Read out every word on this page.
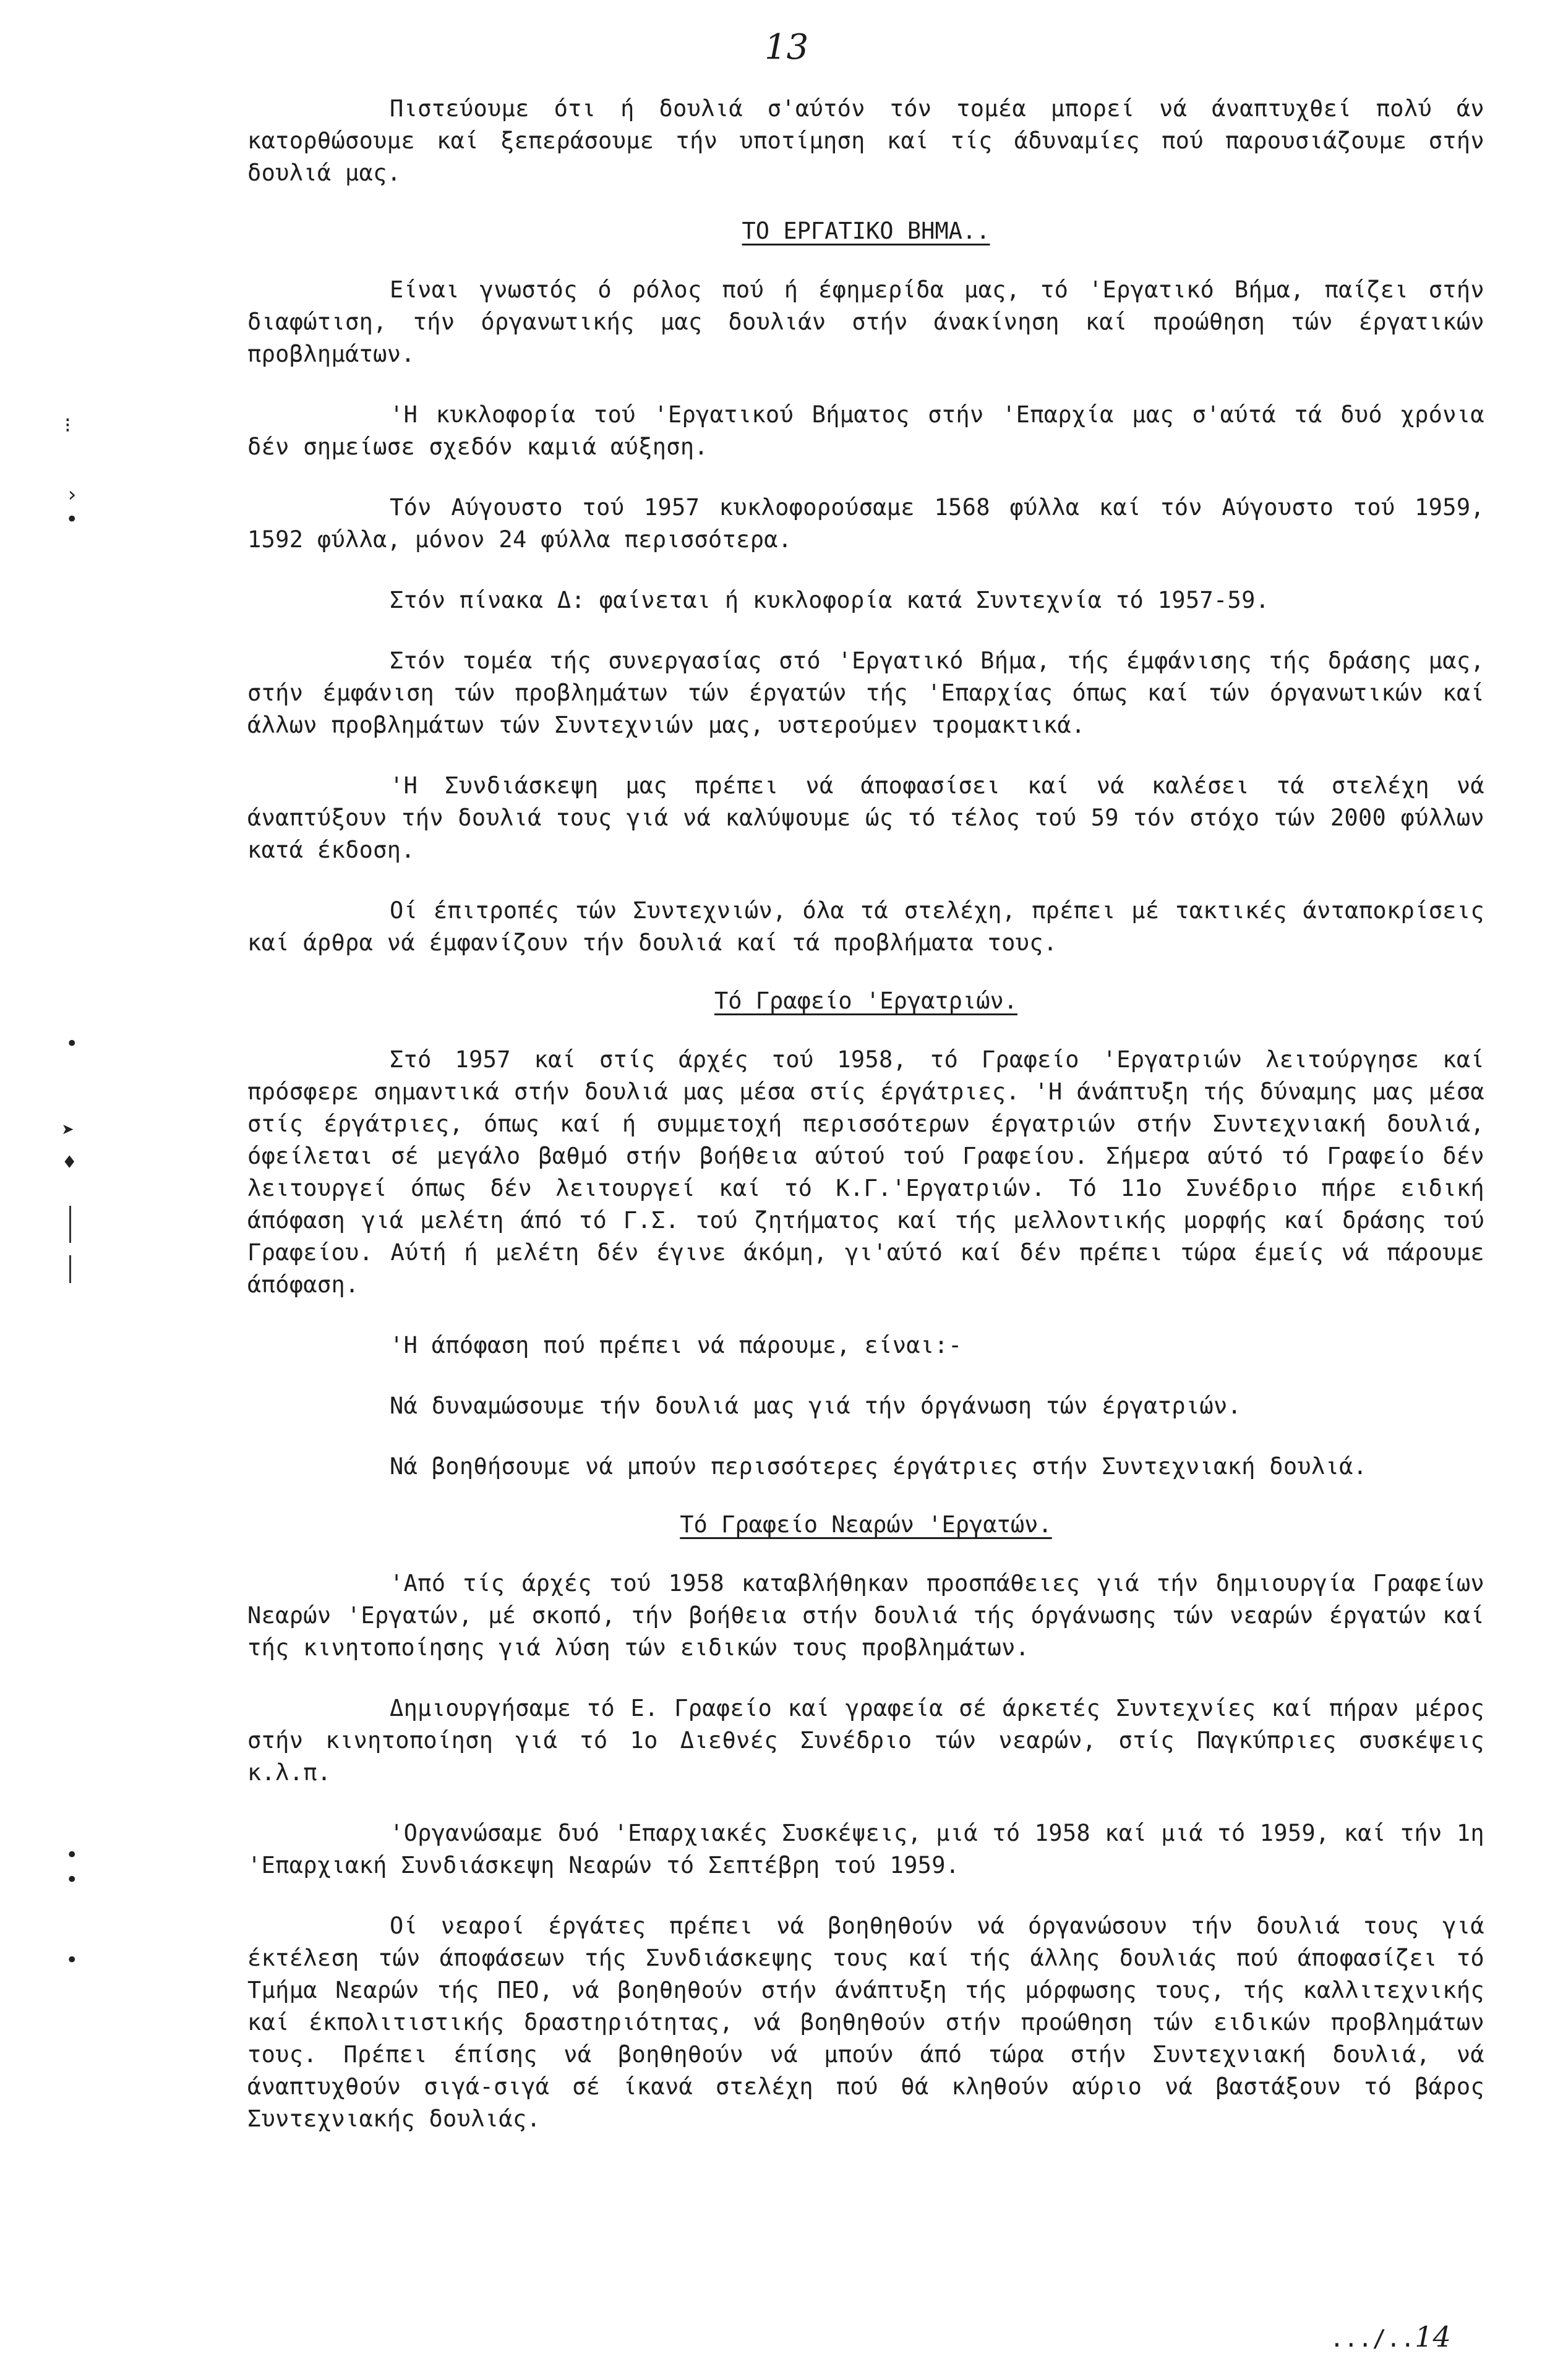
13
⁝
›
•
•
➤
♦
•
•
•

Πιστεύουμε ότι ή δουλιά σ'αύτόν τόν τομέα μπορεί νά άναπτυχθεί πολύ άν κατορθώσουμε καί ξεπεράσουμε τήν υποτίμηση καί τίς άδυναμίες πού παρουσιάζουμε στήν δουλιά μας.

ΤΟ ΕΡΓΑΤΙΚΟ ΒΗΜΑ..

Είναι γνωστός ό ρόλος πού ή έφημερίδα μας, τό 'Εργατικό Βήμα, παίζει στήν διαφώτιση, τήν όργανωτικής μας δουλιάν στήν άνακίνηση καί προώθηση τών έργατικών προβλημάτων.

'Η κυκλοφορία τού 'Εργατικού Βήματος στήν 'Επαρχία μας σ'αύτά τά δυό χρόνια δέν σημείωσε σχεδόν καμιά αύξηση.

Τόν Αύγουστο τού 1957 κυκλοφορούσαμε 1568 φύλλα καί τόν Αύγουστο τού 1959, 1592 φύλλα, μόνον 24 φύλλα περισσότερα.

Στόν πίνακα Δ: φαίνεται ή κυκλοφορία κατά Συντεχνία τό 1957-59.

Στόν τομέα τής συνεργασίας στό 'Εργατικό Βήμα, τής έμφάνισης τής δράσης μας, στήν έμφάνιση τών προβλημάτων τών έργατών τής 'Επαρχίας όπως καί τών όργανωτικών καί άλλων προβλημάτων τών Συντεχνιών μας, υστερούμεν τρομακτικά.

'Η Συνδιάσκεψη μας πρέπει νά άποφασίσει καί νά καλέσει τά στελέχη νά άναπτύξουν τήν δουλιά τους γιά νά καλύψουμε ώς τό τέλος τού 59 τόν στόχο τών 2000 φύλλων κατά έκδοση.

Οί έπιτροπές τών Συντεχνιών, όλα τά στελέχη, πρέπει μέ τακτικές άνταποκρίσεις καί άρθρα νά έμφανίζουν τήν δουλιά καί τά προβλήματα τους.

Τό Γραφείο 'Εργατριών.

Στό 1957 καί στίς άρχές τού 1958, τό Γραφείο 'Εργατριών λειτούργησε καί πρόσφερε σημαντικά στήν δουλιά μας μέσα στίς έργάτριες. 'Η άνάπτυξη τής δύναμης μας μέσα στίς έργάτριες, όπως καί ή συμμετοχή περισσότερων έργατριών στήν Συντεχνιακή δουλιά, όφείλεται σέ μεγάλο βαθμό στήν βοήθεια αύτού τού Γραφείου. Σήμερα αύτό τό Γραφείο δέν λειτουργεί όπως δέν λειτουργεί καί τό Κ.Γ.'Εργατριών. Τό 11ο Συνέδριο πήρε ειδική άπόφαση γιά μελέτη άπό τό Γ.Σ. τού ζητήματος καί τής μελλοντικής μορφής καί δράσης τού Γραφείου. Αύτή ή μελέτη δέν έγινε άκόμη, γι'αύτό καί δέν πρέπει τώρα έμείς νά πάρουμε άπόφαση.

'Η άπόφαση πού πρέπει νά πάρουμε, είναι:-

Νά δυναμώσουμε τήν δουλιά μας γιά τήν όργάνωση τών έργατριών.

Νά βοηθήσουμε νά μπούν περισσότερες έργάτριες στήν Συντεχνιακή δουλιά.

Τό Γραφείο Νεαρών 'Εργατών.

'Από τίς άρχές τού 1958 καταβλήθηκαν προσπάθειες γιά τήν δημιουργία Γραφείων Νεαρών 'Εργατών, μέ σκοπό, τήν βοήθεια στήν δουλιά τής όργάνωσης τών νεαρών έργατών καί τής κινητοποίησης γιά λύση τών ειδικών τους προβλημάτων.

Δημιουργήσαμε τό Ε. Γραφείο καί γραφεία σέ άρκετές Συντεχνίες καί πήραν μέρος στήν κινητοποίηση γιά τό 1ο Διεθνές Συνέδριο τών νεαρών, στίς Παγκύπριες συσκέψεις κ.λ.π.

'Οργανώσαμε δυό 'Επαρχιακές Συσκέψεις, μιά τό 1958 καί μιά τό 1959, καί τήν 1η 'Επαρχιακή Συνδιάσκεψη Νεαρών τό Σεπτέβρη τού 1959.

Οί νεαροί έργάτες πρέπει νά βοηθηθούν νά όργανώσουν τήν δουλιά τους γιά έκτέλεση τών άποφάσεων τής Συνδιάσκεψης τους καί τής άλλης δουλιάς πού άποφασίζει τό Τμήμα Νεαρών τής ΠΕΟ, νά βοηθηθούν στήν άνάπτυξη τής μόρφωσης τους, τής καλλιτεχνικής καί έκπολιτιστικής δραστηριότητας, νά βοηθηθούν στήν προώθηση τών ειδικών προβλημάτων τους. Πρέπει έπίσης νά βοηθηθούν νά μπούν άπό τώρα στήν Συντεχνιακή δουλιά, νά άναπτυχθούν σιγά-σιγά σέ ίκανά στελέχη πού θά κληθούν αύριο νά βαστάξουν τό βάρος Συντεχνιακής δουλιάς.

.../..14
